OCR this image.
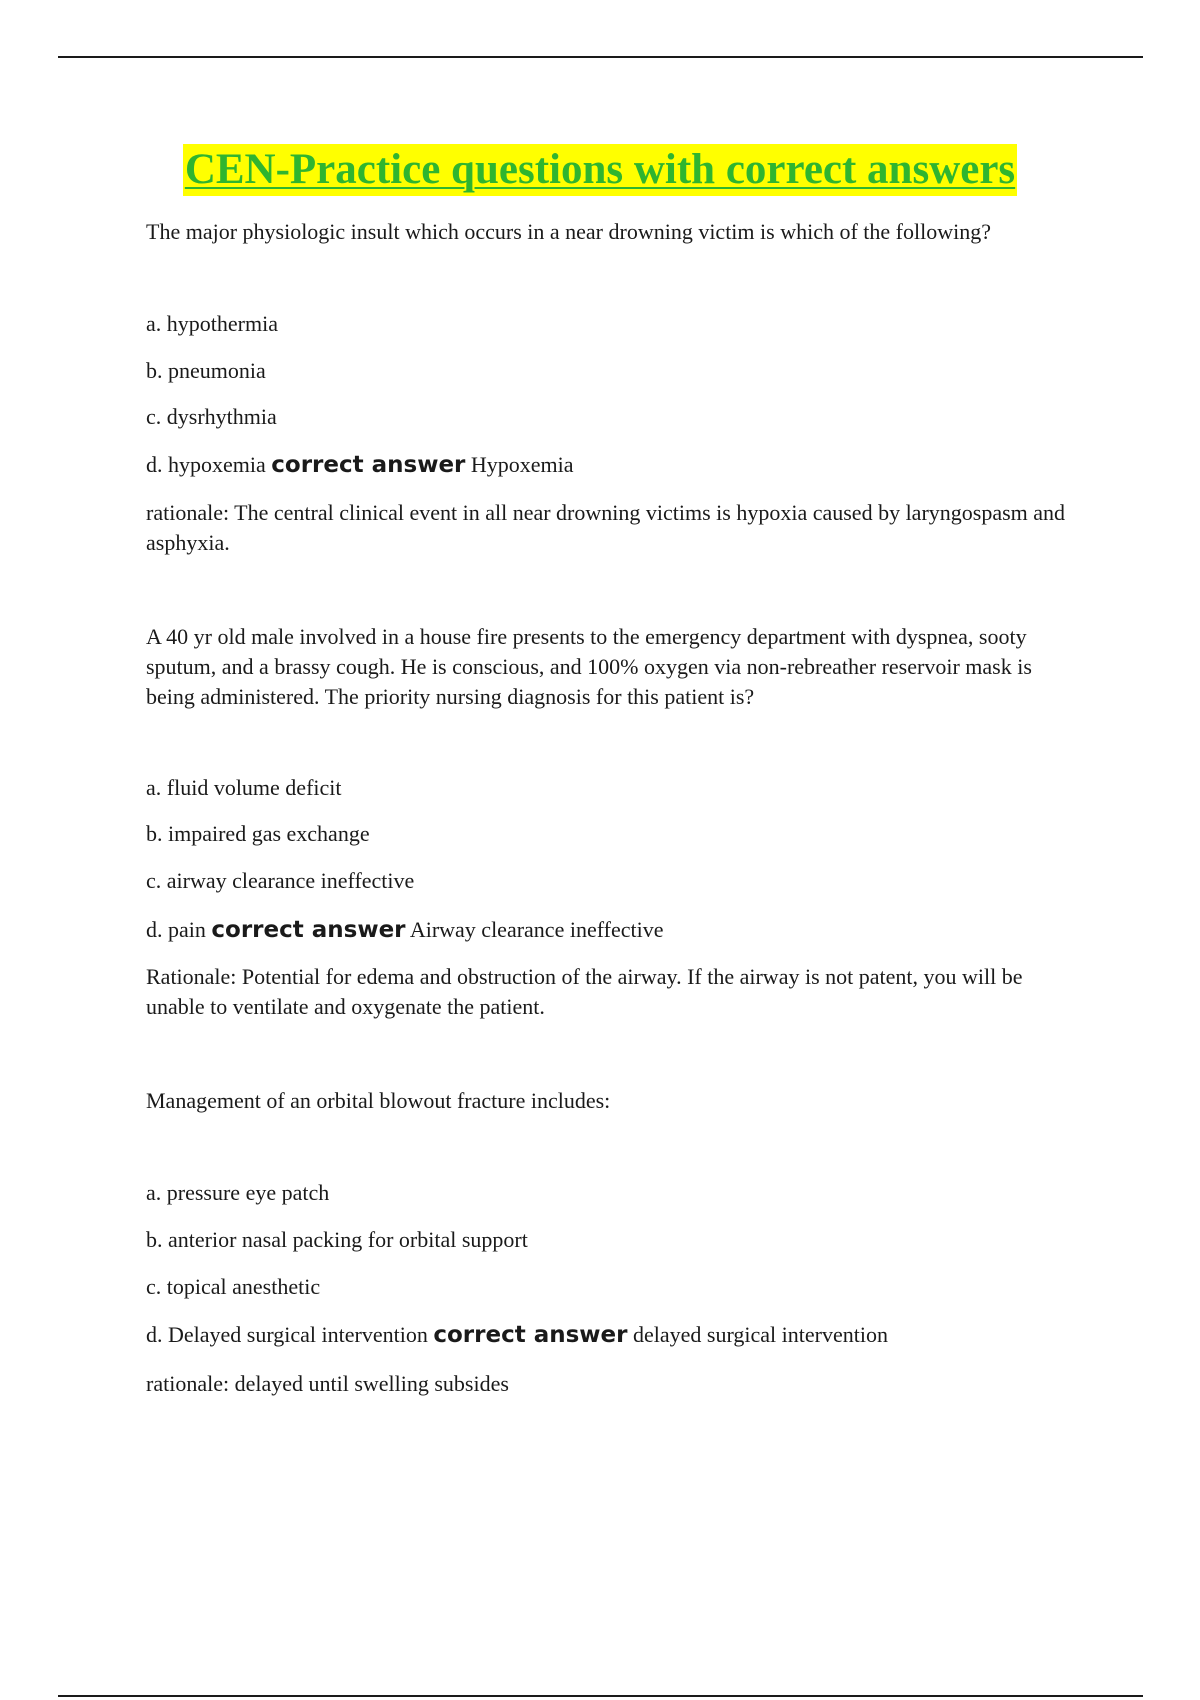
CEN-Practice questions with correct answers
The major physiologic insult which occurs in a near drowning victim is which of the following?
a. hypothermia
b. pneumonia
c. dysrhythmia
d. hypoxemia correct answer Hypoxemia
rationale: The central clinical event in all near drowning victims is hypoxia caused by laryngospasm and asphyxia.
A 40 yr old male involved in a house fire presents to the emergency department with dyspnea, sooty sputum, and a brassy cough. He is conscious, and 100% oxygen via non-rebreather reservoir mask is being administered. The priority nursing diagnosis for this patient is?
a. fluid volume deficit
b. impaired gas exchange
c. airway clearance ineffective
d. pain correct answer Airway clearance ineffective
Rationale: Potential for edema and obstruction of the airway. If the airway is not patent, you will be unable to ventilate and oxygenate the patient.
Management of an orbital blowout fracture includes:
a. pressure eye patch
b. anterior nasal packing for orbital support
c. topical anesthetic
d. Delayed surgical intervention correct answer delayed surgical intervention
rationale: delayed until swelling subsides
